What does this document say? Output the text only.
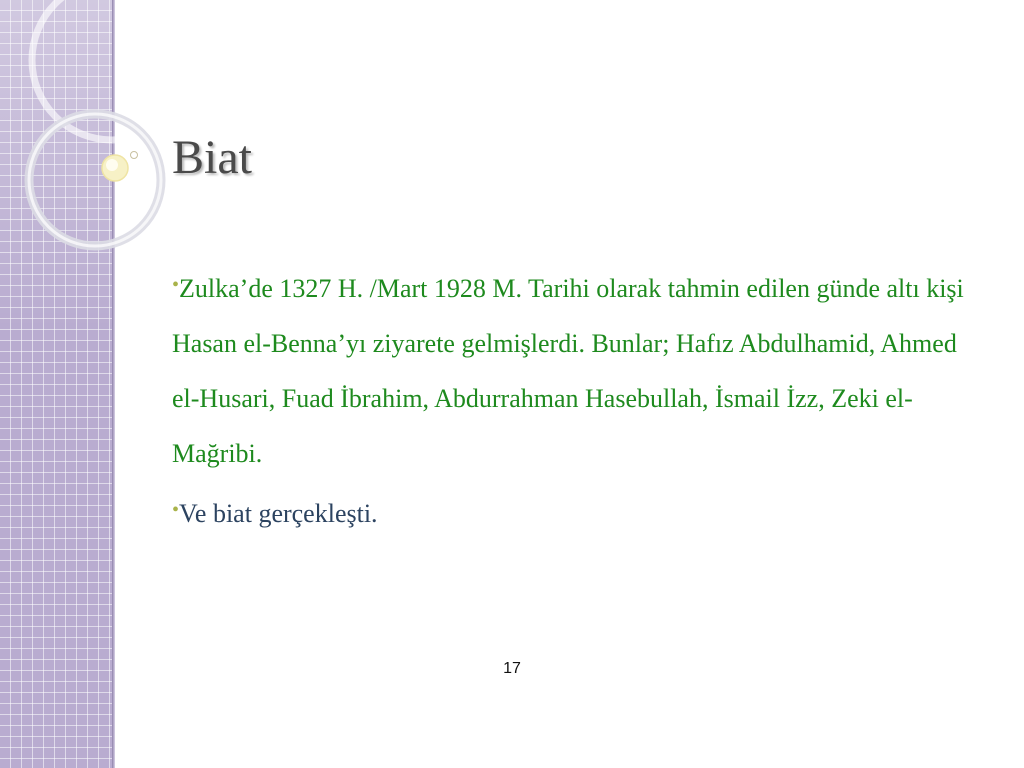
Biat

•Zulka’de 1327 H. /Mart 1928 M. Tarihi olarak tahmin edilen günde altı kişi Hasan el-Benna’yı ziyarete gelmişlerdi. Bunlar; Hafız Abdulhamid, Ahmed el-Husari, Fuad İbrahim, Abdurrahman Hasebullah, İsmail İzz, Zeki el-Mağribi.

•Ve biat gerçekleşti.

17
